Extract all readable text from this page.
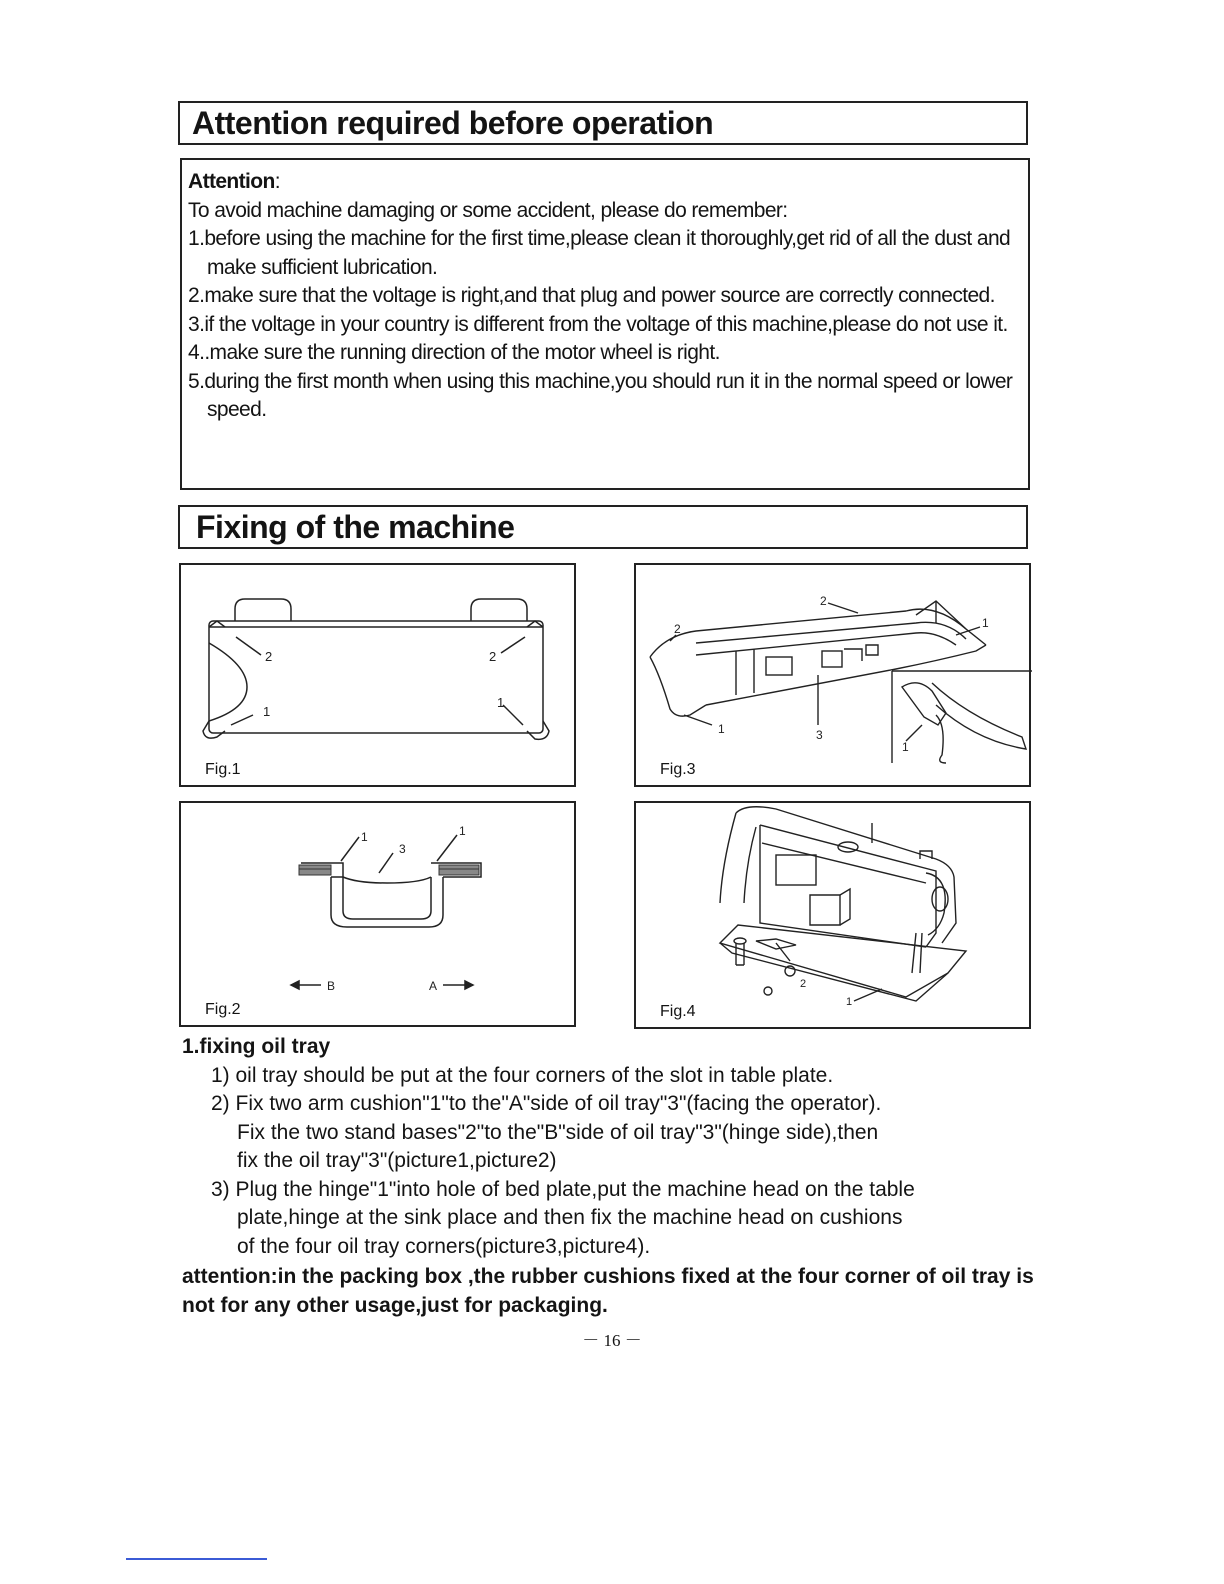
Attention required before operation
Attention:
To avoid machine damaging or some accident, please do remember:
1.before using the machine for the first time,please clean it thoroughly,get rid of all the dust and make sufficient lubrication.
2.make sure that the voltage is right,and that plug and power source are correctly connected.
3.if the voltage in your country is different from the voltage of this machine,please do not use it.
4..make sure the running direction of the motor wheel is right.
5.during the first month when using this machine,you should run it in the normal speed or lower speed.
Fixing of the machine
2	2
1
1
Fig.1
2
2	1
1	3
1
Fig.3
1
3
1
B	A
Fig.2
2
1
Fig.4
1.fixing oil tray
1) oil tray should be put at the four corners of the slot in table plate.
2) Fix two arm cushion"1"to the"A"side of oil tray"3"(facing the operator).
Fix the two stand bases"2"to the"B"side of oil tray"3"(hinge side),then
fix the oil tray"3"(picture1,picture2)
3) Plug the hinge"1"into hole of bed plate,put the machine head on the table
plate,hinge at the sink place and then fix the machine head on cushions
of the four oil tray corners(picture3,picture4).
attention:in the packing box ,the rubber cushions fixed at the four corner of oil tray is not for any other usage,just for packaging.
－ 16 －
